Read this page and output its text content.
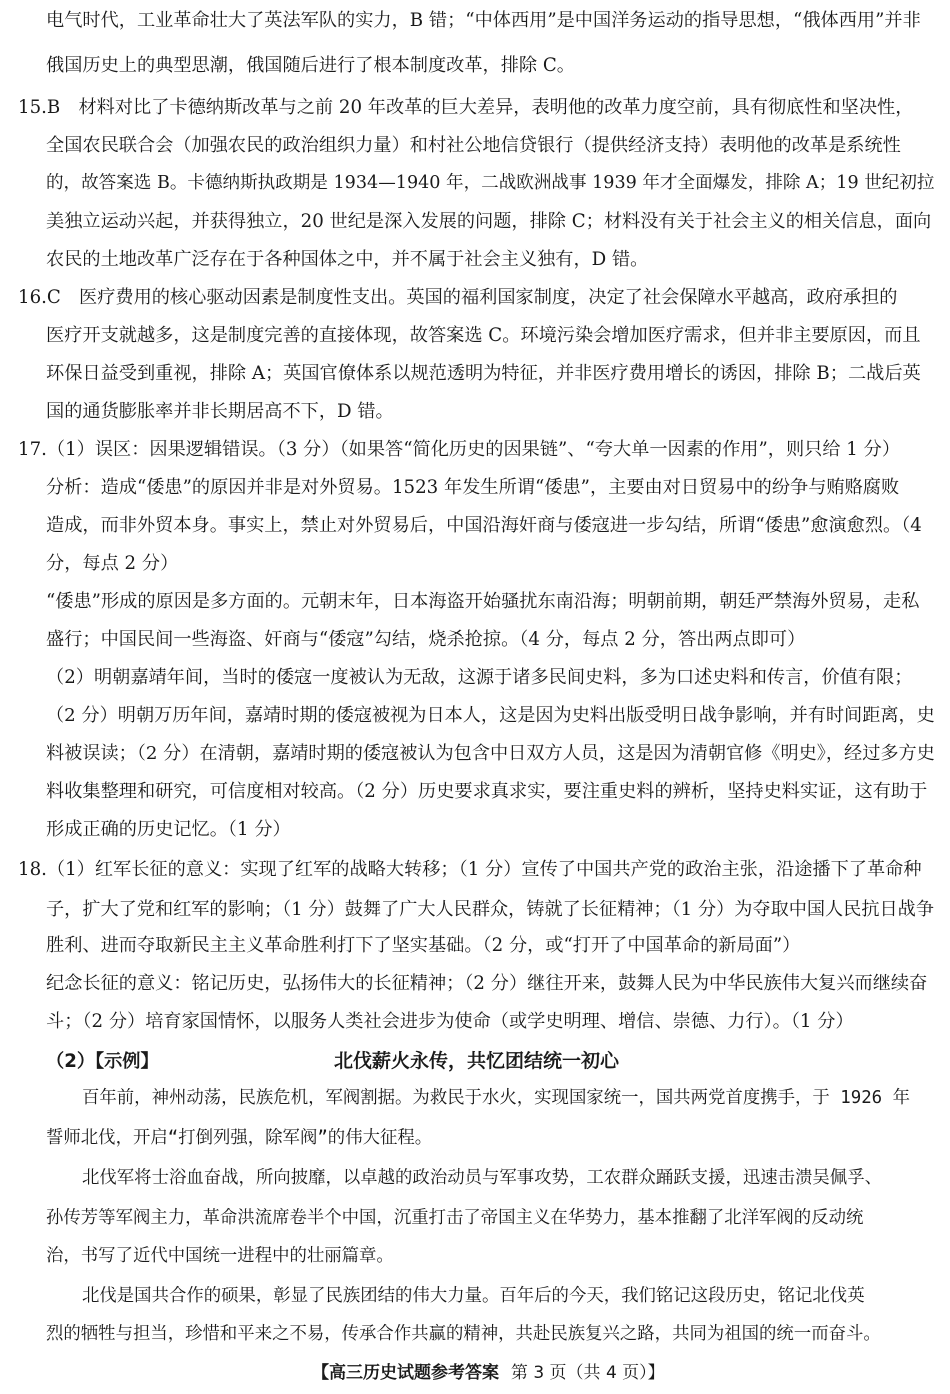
电气时代，工业革命壮大了英法军队的实力，B 错；“中体西用”是中国洋务运动的指导思想，“俄体西用”并非
俄国历史上的典型思潮，俄国随后进行了根本制度改革，排除 C。
15.B　材料对比了卡德纳斯改革与之前 20 年改革的巨大差异，表明他的改革力度空前，具有彻底性和坚决性，
全国农民联合会（加强农民的政治组织力量）和村社公地信贷银行（提供经济支持）表明他的改革是系统性
的，故答案选 B。卡德纳斯执政期是 1934—1940 年，二战欧洲战事 1939 年才全面爆发，排除 A；19 世纪初拉
美独立运动兴起，并获得独立，20 世纪是深入发展的问题，排除 C；材料没有关于社会主义的相关信息，面向
农民的土地改革广泛存在于各种国体之中，并不属于社会主义独有，D 错。
16.C　医疗费用的核心驱动因素是制度性支出。英国的福利国家制度，决定了社会保障水平越高，政府承担的
医疗开支就越多，这是制度完善的直接体现，故答案选 C。环境污染会增加医疗需求，但并非主要原因，而且
环保日益受到重视，排除 A；英国官僚体系以规范透明为特征，并非医疗费用增长的诱因，排除 B；二战后英
国的通货膨胀率并非长期居高不下，D 错。
17.（1）误区：因果逻辑错误。（3 分）（如果答“简化历史的因果链”、“夸大单一因素的作用”，则只给 1 分）
分析：造成“倭患”的原因并非是对外贸易。1523 年发生所谓“倭患”，主要由对日贸易中的纷争与贿赂腐败
造成，而非外贸本身。事实上，禁止对外贸易后，中国沿海奸商与倭寇进一步勾结，所谓“倭患”愈演愈烈。（4
分，每点 2 分）
“倭患”形成的原因是多方面的。元朝末年，日本海盗开始骚扰东南沿海；明朝前期，朝廷严禁海外贸易，走私
盛行；中国民间一些海盗、奸商与“倭寇”勾结，烧杀抢掠。（4 分，每点 2 分，答出两点即可）
（2）明朝嘉靖年间，当时的倭寇一度被认为无敌，这源于诸多民间史料，多为口述史料和传言，价值有限；
（2 分）明朝万历年间，嘉靖时期的倭寇被视为日本人，这是因为史料出版受明日战争影响，并有时间距离，史
料被误读；（2 分）在清朝，嘉靖时期的倭寇被认为包含中日双方人员，这是因为清朝官修《明史》，经过多方史
料收集整理和研究，可信度相对较高。（2 分）历史要求真求实，要注重史料的辨析，坚持史料实证，这有助于
形成正确的历史记忆。（1 分）
18.（1）红军长征的意义：实现了红军的战略大转移；（1 分）宣传了中国共产党的政治主张，沿途播下了革命种
子，扩大了党和红军的影响；（1 分）鼓舞了广大人民群众，铸就了长征精神；（1 分）为夺取中国人民抗日战争
胜利、进而夺取新民主主义革命胜利打下了坚实基础。（2 分，或“打开了中国革命的新局面”）
纪念长征的意义：铭记历史，弘扬伟大的长征精神；（2 分）继往开来，鼓舞人民为中华民族伟大复兴而继续奋
斗；（2 分）培育家国情怀，以服务人类社会进步为使命（或学史明理、增信、崇德、力行）。（1 分）
（2）【示例】	北伐薪火永传，共忆团结统一初心
百年前，神州动荡，民族危机，军阀割据。为救民于水火，实现国家统一，国共两党首度携手，于 1926 年
誓师北伐，开启“打倒列强，除军阀”的伟大征程。
北伐军将士浴血奋战，所向披靡，以卓越的政治动员与军事攻势，工农群众踊跃支援，迅速击溃吴佩孚、
孙传芳等军阀主力，革命洪流席卷半个中国，沉重打击了帝国主义在华势力，基本推翻了北洋军阀的反动统
治，书写了近代中国统一进程中的壮丽篇章。
北伐是国共合作的硕果，彰显了民族团结的伟大力量。百年后的今天，我们铭记这段历史，铭记北伐英
烈的牺牲与担当，珍惜和平来之不易，传承合作共赢的精神，共赴民族复兴之路，共同为祖国的统一而奋斗。
【高三历史试题参考答案 第 3 页（共 4 页）】
